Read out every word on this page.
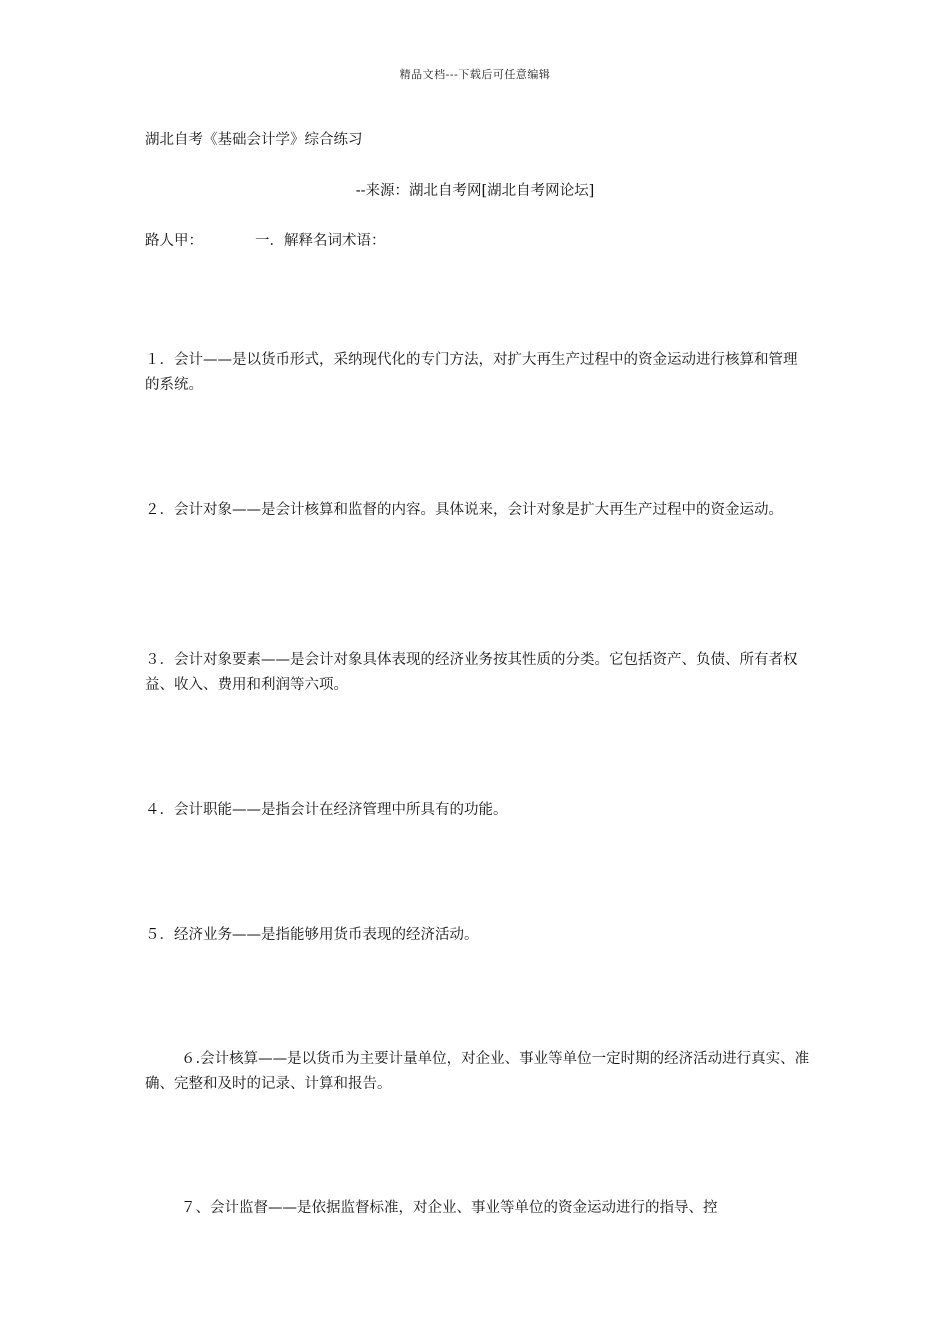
精品文档---下载后可任意编辑
湖北自考《基础会计学》综合练习
--来源：湖北自考网[湖北自考网论坛]
路人甲：	一．解释名词术语：
１．会计——是以货币形式，采纳现代化的专门方法，对扩大再生产过程中的资金运动进行核算和管理的系统。
２．会计对象——是会计核算和监督的内容。具体说来，会计对象是扩大再生产过程中的资金运动。
３．会计对象要素——是会计对象具体表现的经济业务按其性质的分类。它包括资产、负债、所有者权益、收入、费用和利润等六项。
４．会计职能——是指会计在经济管理中所具有的功能。
５．经济业务——是指能够用货币表现的经济活动。
６.会计核算——是以货币为主要计量单位，对企业、事业等单位一定时期的经济活动进行真实、准确、完整和及时的记录、计算和报告。
７、会计监督——是依据监督标准，对企业、事业等单位的资金运动进行的指导、控
